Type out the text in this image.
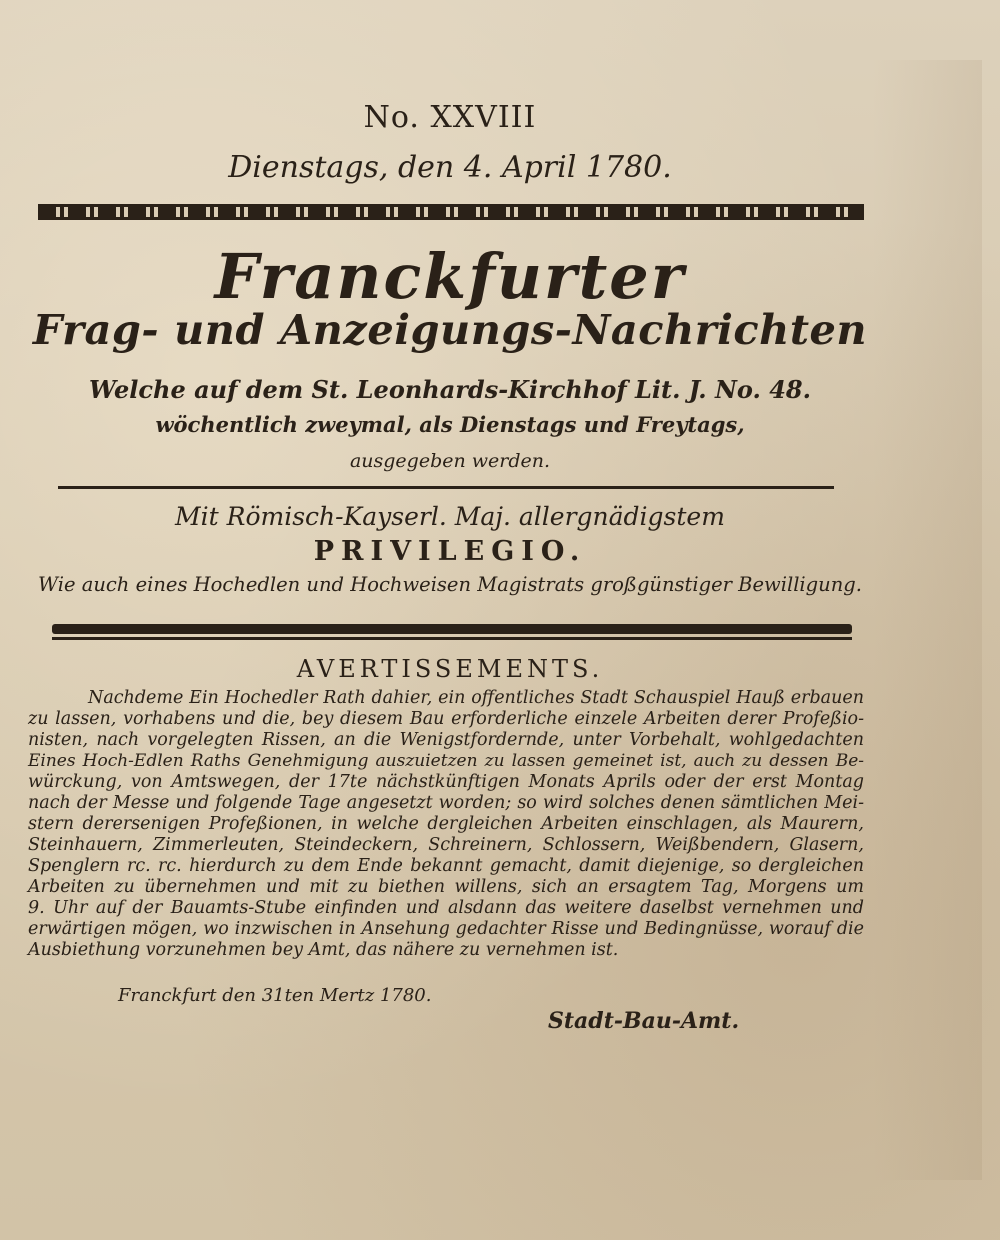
No. XXVIII
Dienstags, den 4. April 1780.
Franckfurter
Frag- und Anzeigungs-Nachrichten
Welche auf dem St. Leonhards-Kirchhof Lit. J. No. 48.
wöchentlich zweymal, als Dienstags und Freytags,
ausgegeben werden.
Mit Römisch-Kayserl. Maj. allergnädigstem
PRIVILEGIO.
Wie auch eines Hochedlen und Hochweisen Magistrats großgünstiger Bewilligung.
AVERTISSEMENTS.
Nachdeme Ein Hochedler Rath dahier, ein offentliches Stadt Schauspiel Hauß erbauen
zu lassen, vorhabens und die, bey diesem Bau erforderliche einzele Arbeiten derer Profeßio-
nisten, nach vorgelegten Rissen, an die Wenigstfordernde, unter Vorbehalt, wohlgedachten
Eines Hoch-Edlen Raths Genehmigung auszuietzen zu lassen gemeinet ist, auch zu dessen Be-
würckung, von Amtswegen, der 17te nächstkünftigen Monats Aprils oder der erst Montag
nach der Messe und folgende Tage angesetzt worden; so wird solches denen sämtlichen Mei-
stern derersenigen Profeßionen, in welche dergleichen Arbeiten einschlagen, als Maurern,
Steinhauern, Zimmerleuten, Steindeckern, Schreinern, Schlossern, Weißbendern, Glasern,
Spenglern rc. rc. hierdurch zu dem Ende bekannt gemacht, damit diejenige, so dergleichen
Arbeiten zu übernehmen und mit zu biethen willens, sich an ersagtem Tag, Morgens um
9. Uhr auf der Bauamts-Stube einfinden und alsdann das weitere daselbst vernehmen und
erwärtigen mögen, wo inzwischen in Ansehung gedachter Risse und Bedingnüsse, worauf die
Ausbiethung vorzunehmen bey Amt, das nähere zu vernehmen ist.
Franckfurt den 31ten Mertz 1780.
Stadt-Bau-Amt.
